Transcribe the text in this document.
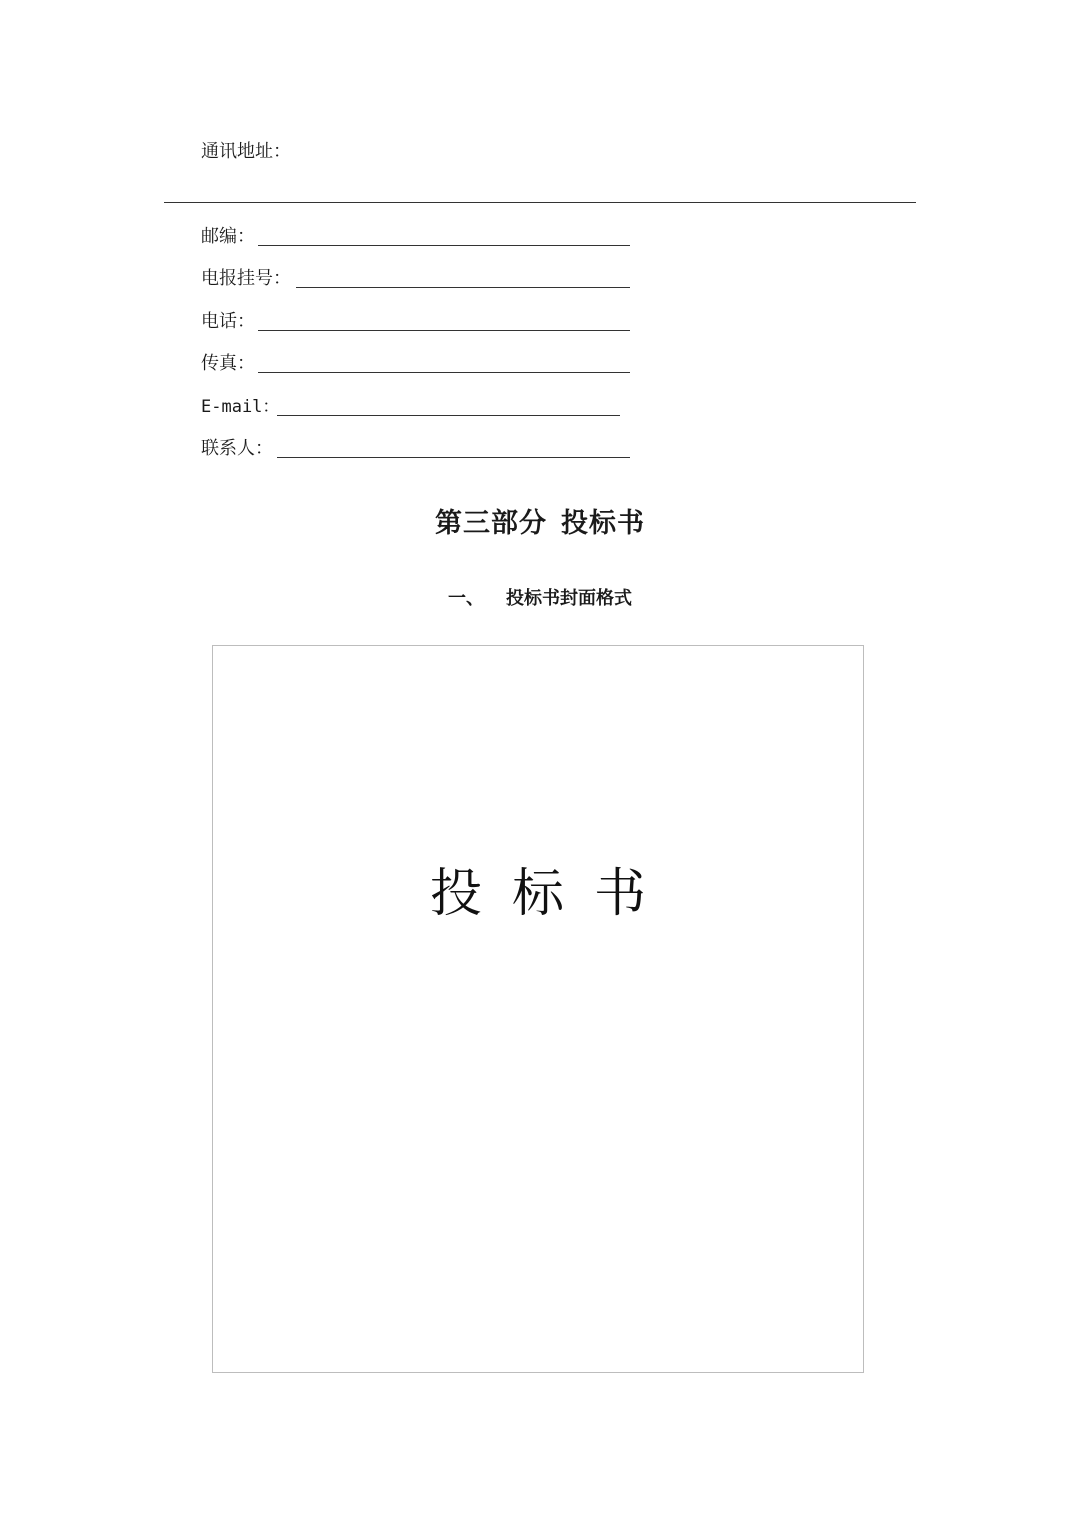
通讯地址：
邮编：
电报挂号：
电话：
传真：
E-mail：
联系人：
第三部分 投标书
一、 投标书封面格式
投标书
